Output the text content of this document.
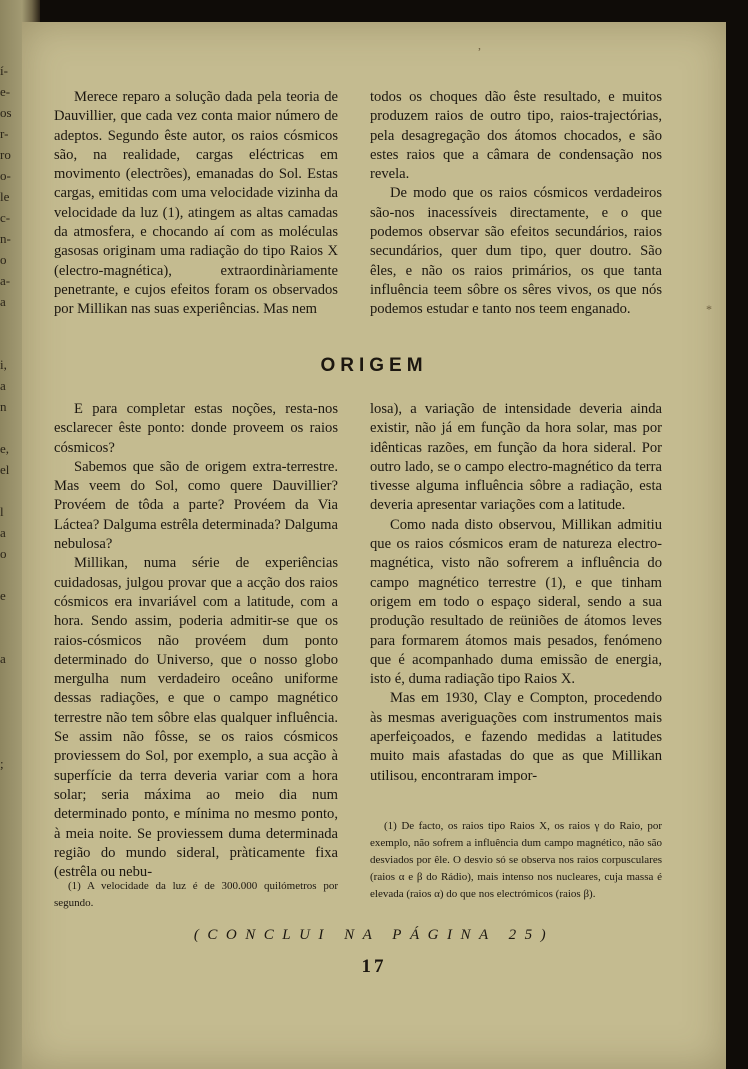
í-
e-
os
r-
ro
o-
le
c-
n-
o
a-
a
i,
a
n
e,
el
l
a
o
e
a
;
,
*

Merece reparo a solução dada pela teoria de Dauvillier, que cada vez conta maior número de adeptos. Segundo êste autor, os raios cósmicos são, na realidade, cargas eléctricas em movimento (electrões), emanadas do Sol. Estas cargas, emitidas com uma velocidade vizinha da velocidade da luz (1), atingem as altas camadas da atmosfera, e chocando aí com as moléculas gasosas originam uma radiação do tipo Raios X (electro-magnética), extraordinàriamente penetrante, e cujos efeitos foram os observados por Millikan nas suas experiências. Mas nem

todos os choques dão êste resultado, e muitos produzem raios de outro tipo, raios-trajectórias, pela desagregação dos átomos chocados, e são estes raios que a câmara de condensação nos revela.

De modo que os raios cósmicos verdadeiros são-nos inacessíveis directamente, e o que podemos observar são efeitos secundários, raios secundários, quer dum tipo, quer doutro. São êles, e não os raios primários, os que tanta influência teem sôbre os sêres vivos, os que nós podemos estudar e tanto nos teem enganado.

ORIGEM

E para completar estas noções, resta-nos esclarecer êste ponto: donde proveem os raios cósmicos?

Sabemos que são de origem extra-terrestre. Mas veem do Sol, como quere Dauvillier? Provéem de tôda a parte? Provéem da Via Láctea? Dalguma estrêla determinada? Dalguma nebulosa?

Millikan, numa série de experiências cuidadosas, julgou provar que a acção dos raios cósmicos era invariável com a latitude, com a hora. Sendo assim, poderia admitir-se que os raios-cósmicos não provéem dum ponto determinado do Universo, que o nosso globo mergulha num verdadeiro oceâno uniforme dessas radiações, e que o campo magnético terrestre não tem sôbre elas qualquer influência. Se assim não fôsse, se os raios cósmicos proviessem do Sol, por exemplo, a sua acção à superfície da terra deveria variar com a hora solar; seria máxima ao meio dia num determinado ponto, e mínima no mesmo ponto, à meia noite. Se proviessem duma determinada região do mundo sideral, pràticamente fixa (estrêla ou nebu-

losa), a variação de intensidade deveria ainda existir, não já em função da hora solar, mas por idênticas razões, em função da hora sideral. Por outro lado, se o campo electro-magnético da terra tivesse alguma influência sôbre a radiação, esta deveria apresentar variações com a latitude.

Como nada disto observou, Millikan admitiu que os raios cósmicos eram de natureza electro-magnética, visto não sofrerem a influência do campo magnético terrestre (1), e que tinham origem em todo o espaço sideral, sendo a sua produção resultado de reüniões de átomos leves para formarem átomos mais pesados, fenómeno que é acompanhado duma emissão de energia, isto é, duma radiação tipo Raios X.

Mas em 1930, Clay e Compton, procedendo às mesmas averiguações com instrumentos mais aperfeiçoados, e fazendo medidas a latitudes muito mais afastadas do que as que Millikan utilisou, encontraram impor-

(1) A velocidade da luz é de 300.000 quilómetros por segundo.

(1) De facto, os raios tipo Raios X, os raios γ do Raio, por exemplo, não sofrem a influência dum campo magnético, não são desviados por êle. O desvio só se observa nos raios corpusculares (raios α e β do Rádio), mais intenso nos nucleares, cuja massa é elevada (raios α) do que nos electrómicos (raios β).

(CONCLUI NA PÁGINA 25)
17
